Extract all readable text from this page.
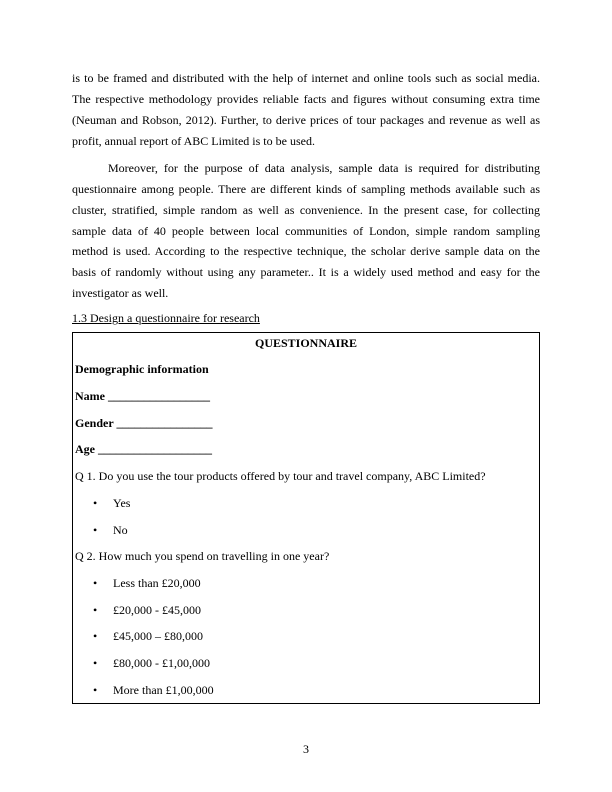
is to be framed and distributed with the help of internet and online tools such as social media.
The respective methodology provides reliable facts and figures without consuming extra time
(Neuman and Robson, 2012). Further, to derive prices of tour packages and revenue as well as
profit, annual report of ABC Limited is to be used.
Moreover, for the purpose of data analysis, sample data is required for distributing
questionnaire among people. There are different kinds of sampling methods available such as
cluster, stratified, simple random as well as convenience. In the present case, for collecting
sample data of 40 people between local communities of London, simple random sampling
method is used. According to the respective technique, the scholar derive sample data on the
basis of randomly without using any parameter.. It is a widely used method and easy for the
investigator as well.
1.3 Design a questionnaire for research
QUESTIONNAIRE
Demographic information
Name _________________
Gender ________________
Age ___________________
Q 1. Do you use the tour products offered by tour and travel company, ABC Limited?
• Yes
• No
Q 2. How much you spend on travelling in one year?
• Less than £20,000
• £20,000 - £45,000
• £45,000 – £80,000
• £80,000 - £1,00,000
• More than £1,00,000
3
